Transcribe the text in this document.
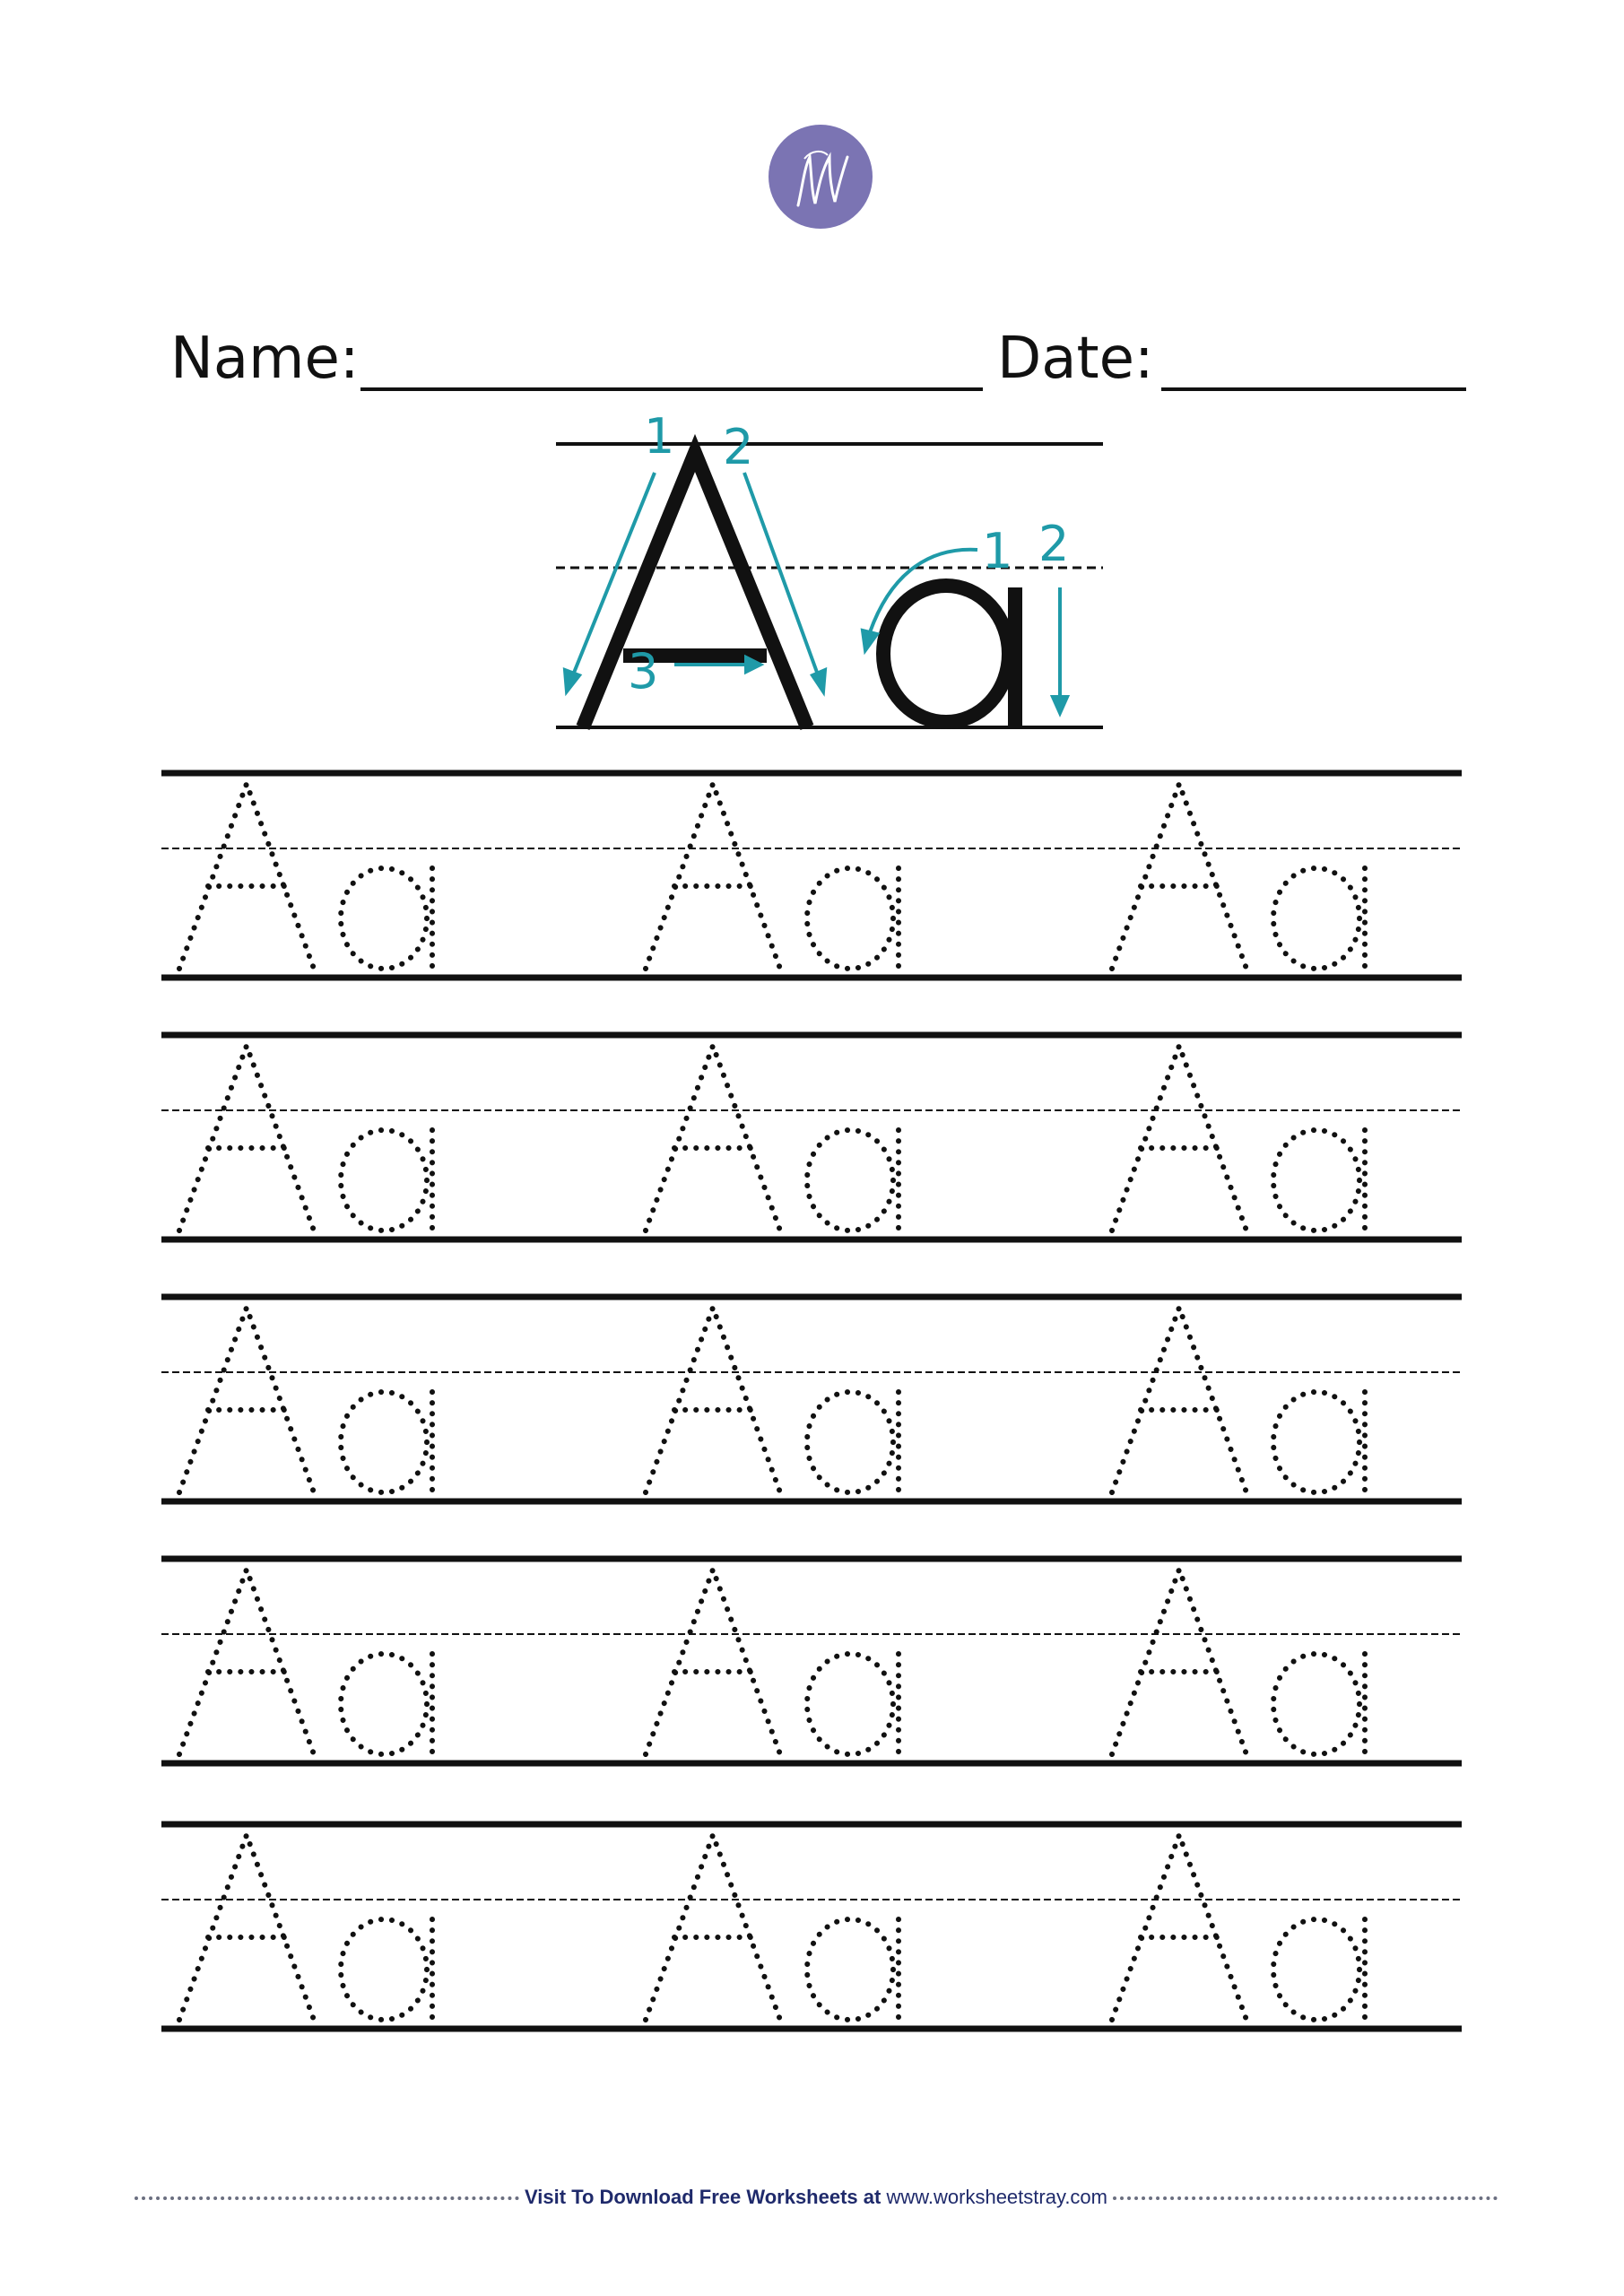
Name:	Date:
1 2
3
1 2
Visit To Download Free Worksheets at www.worksheetstray.com
